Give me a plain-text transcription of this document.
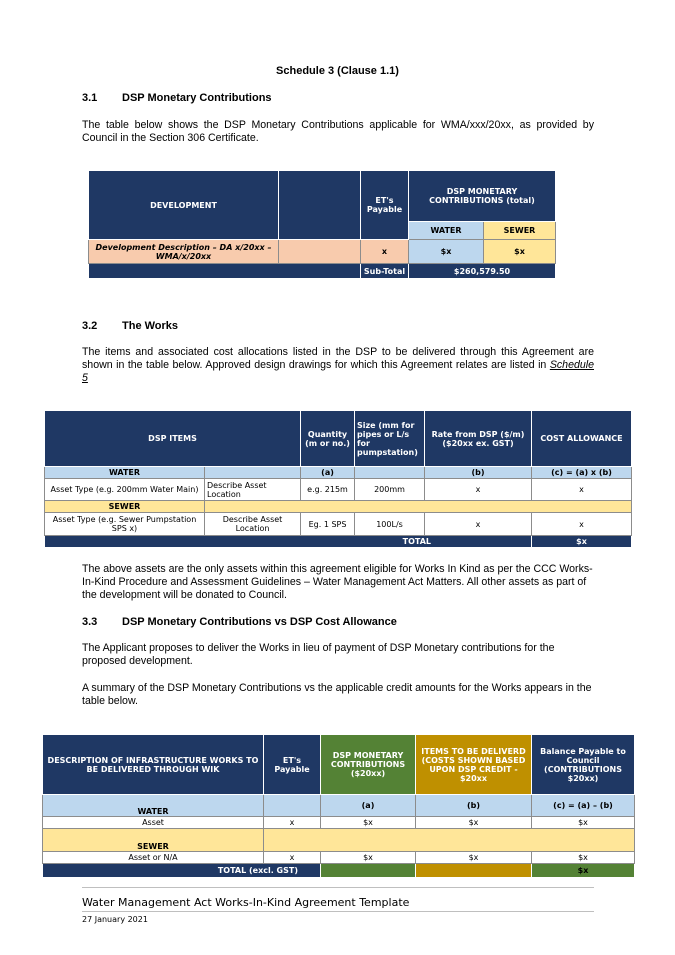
Schedule 3 (Clause 1.1)
3.1 DSP Monetary Contributions
The table below shows the DSP Monetary Contributions applicable for WMA/xxx/20xx, as provided by Council in the Section 306 Certificate.
DEVELOPMENT		ET's Payable	DSP MONETARY CONTRIBUTIONS (total)	
			WATER	SEWER
Development Description – DA x/20xx – WMA/x/20xx		x	$x	$x
		Sub-Total	$260,579.50	
3.2 The Works
The items and associated cost allocations listed in the DSP to be delivered through this Agreement are shown in the table below. Approved design drawings for which this Agreement relates are listed in Schedule 5
DSP ITEMS		Quantity (m or no.)	Size (mm for pipes or L/s for pumpstation)	Rate from DSP ($/m) ($20xx ex. GST)	COST ALLOWANCE
WATER		(a)		(b)	(c) = (a) x (b)
Asset Type (e.g. 200mm Water Main)	Describe Asset Location	e.g. 215m	200mm	x	x
SEWER					
Asset Type (e.g. Sewer Pumpstation SPS x)	Describe Asset Location	Eg. 1 SPS	100L/s	x	x
TOTAL					$x
The above assets are the only assets within this agreement eligible for Works In Kind as per the CCC Works-In-Kind Procedure and Assessment Guidelines – Water Management Act Matters. All other assets as part of the development will be donated to Council.
3.3 DSP Monetary Contributions vs DSP Cost Allowance
The Applicant proposes to deliver the Works in lieu of payment of DSP Monetary contributions for the proposed development.
A summary of the DSP Monetary Contributions vs the applicable credit amounts for the Works appears in the table below.
DESCRIPTION OF INFRASTRUCTURE WORKS TO BE DELIVERED THROUGH WIK	ET's Payable	DSP MONETARY CONTRIBUTIONS ($20xx)	ITEMS TO BE DELIVERD (COSTS SHOWN BASED UPON DSP CREDIT - $20xx	Balance Payable to Council (CONTRIBUTIONS $20xx)
WATER		(a)	(b)	(c) = (a) – (b)
Asset	x	$x	$x	$x
SEWER				
Asset or N/A	x	$x	$x	$x
TOTAL (excl. GST)				$x
Water Management Act Works-In-Kind Agreement Template
27 January 2021
